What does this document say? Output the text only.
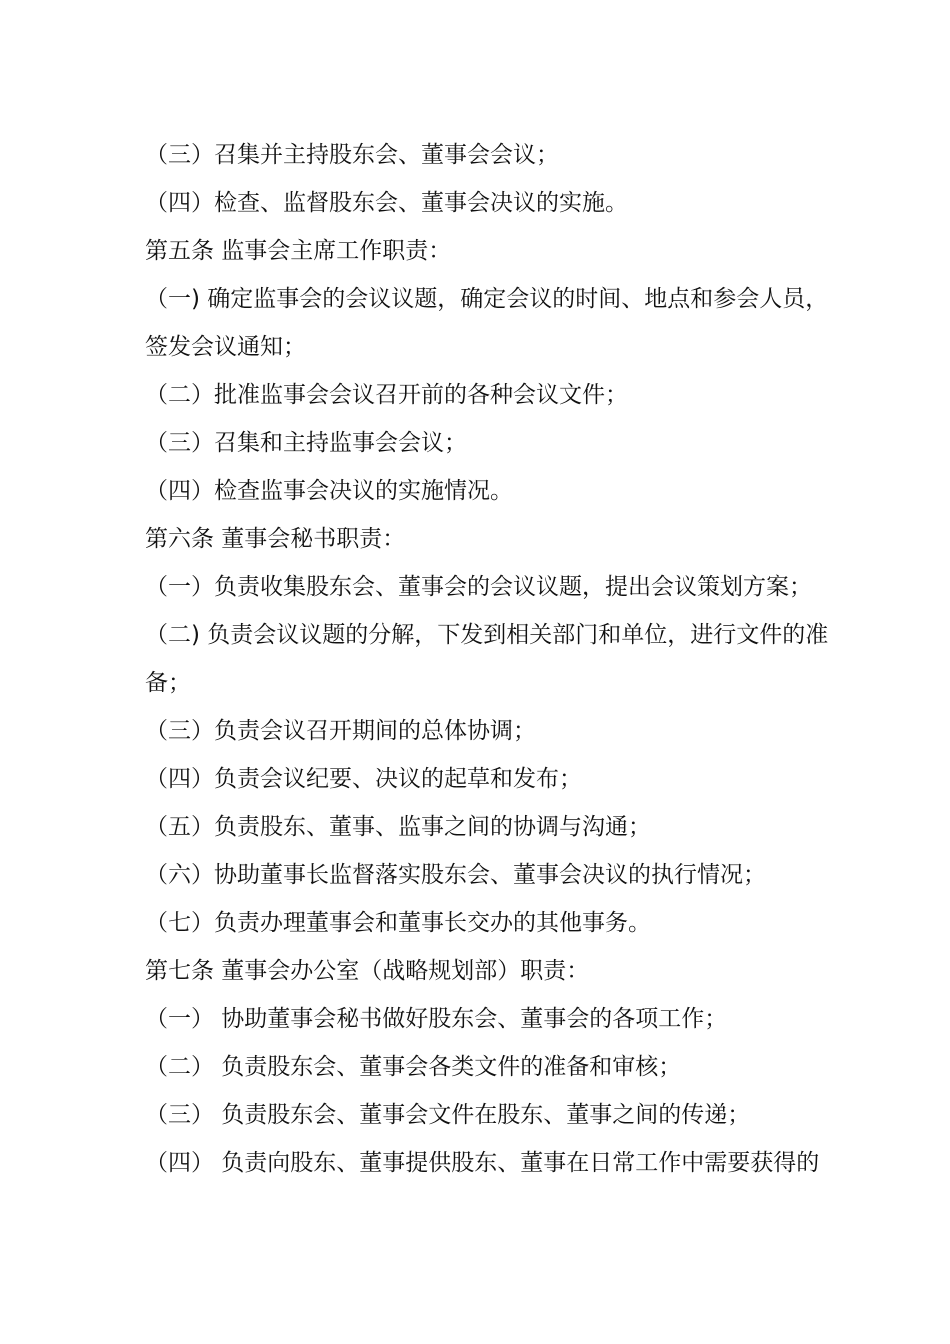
（三）召集并主持股东会、董事会会议；
（四）检查、监督股东会、董事会决议的实施。
第五条 监事会主席工作职责：
（一) 确定监事会的会议议题，确定会议的时间、地点和参会人员，
签发会议通知；
（二）批准监事会会议召开前的各种会议文件；
（三）召集和主持监事会会议；
（四）检查监事会决议的实施情况。
第六条 董事会秘书职责：
（一）负责收集股东会、董事会的会议议题，提出会议策划方案；
（二) 负责会议议题的分解，下发到相关部门和单位，进行文件的准
备；
（三）负责会议召开期间的总体协调；
（四）负责会议纪要、决议的起草和发布；
（五）负责股东、董事、监事之间的协调与沟通；
（六）协助董事长监督落实股东会、董事会决议的执行情况；
（七）负责办理董事会和董事长交办的其他事务。
第七条 董事会办公室（战略规划部）职责：
（一） 协助董事会秘书做好股东会、董事会的各项工作；
（二） 负责股东会、董事会各类文件的准备和审核；
（三） 负责股东会、董事会文件在股东、董事之间的传递；
（四） 负责向股东、董事提供股东、董事在日常工作中需要获得的
